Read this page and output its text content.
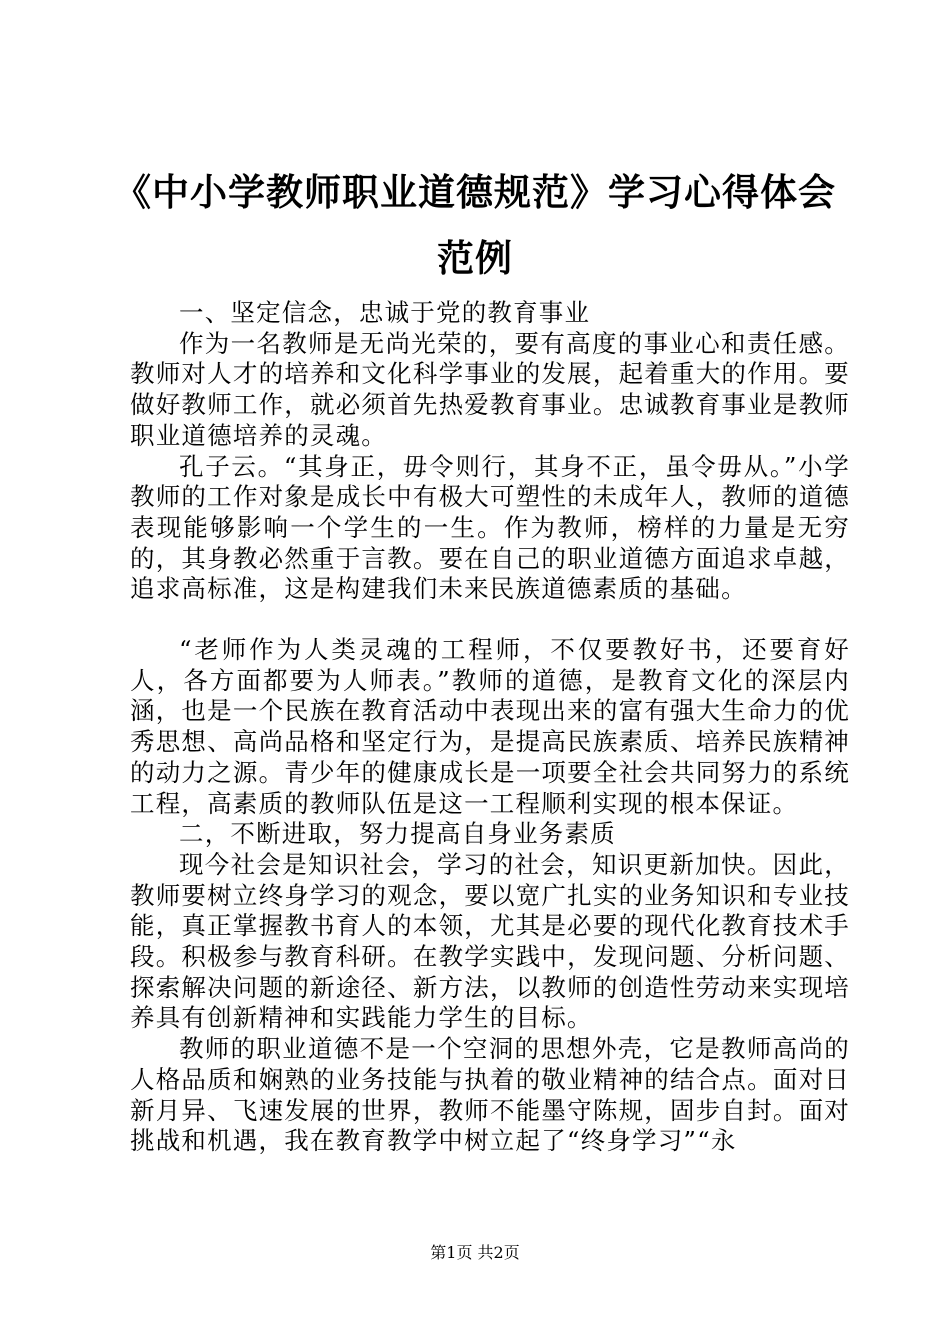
《中小学教师职业道德规范》学习心得体会范例

一、坚定信念，忠诚于党的教育事业

作为一名教师是无尚光荣的，要有高度的事业心和责任感。教师对人才的培养和文化科学事业的发展，起着重大的作用。要做好教师工作，就必须首先热爱教育事业。忠诚教育事业是教师职业道德培养的灵魂。

孔子云。“其身正，毋令则行，其身不正，虽令毋从。”小学教师的工作对象是成长中有极大可塑性的未成年人，教师的道德表现能够影响一个学生的一生。作为教师，榜样的力量是无穷的，其身教必然重于言教。要在自己的职业道德方面追求卓越，追求高标准，这是构建我们未来民族道德素质的基础。

“老师作为人类灵魂的工程师，不仅要教好书，还要育好人，各方面都要为人师表。”教师的道德，是教育文化的深层内涵，也是一个民族在教育活动中表现出来的富有强大生命力的优秀思想、高尚品格和坚定行为，是提高民族素质、培养民族精神的动力之源。青少年的健康成长是一项要全社会共同努力的系统工程，高素质的教师队伍是这一工程顺利实现的根本保证。

二，不断进取，努力提高自身业务素质

现今社会是知识社会，学习的社会，知识更新加快。因此，教师要树立终身学习的观念，要以宽广扎实的业务知识和专业技能，真正掌握教书育人的本领，尤其是必要的现代化教育技术手段。积极参与教育科研。在教学实践中，发现问题、分析问题、探索解决问题的新途径、新方法，以教师的创造性劳动来实现培养具有创新精神和实践能力学生的目标。

教师的职业道德不是一个空洞的思想外壳，它是教师高尚的人格品质和娴熟的业务技能与执着的敬业精神的结合点。面对日新月异、飞速发展的世界，教师不能墨守陈规，固步自封。面对挑战和机遇，我在教育教学中树立起了“终身学习”“永

第1页 共2页
